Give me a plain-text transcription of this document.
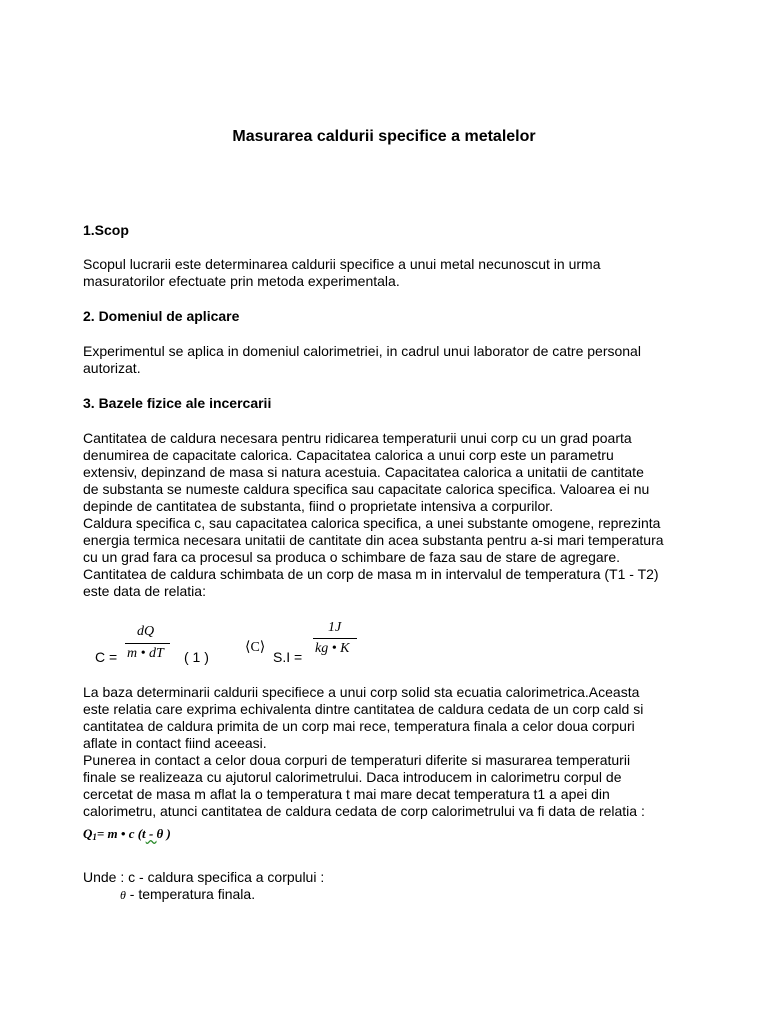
Masurarea caldurii specifice a metalelor
1.Scop
Scopul lucrarii este determinarea caldurii specifice a unui metal necunoscut in urma
masuratorilor efectuate prin metoda experimentala.
2. Domeniul de aplicare
Experimentul se aplica in domeniul calorimetriei, in cadrul unui laborator de catre personal
autorizat.
3. Bazele fizice ale incercarii
Cantitatea de caldura necesara pentru ridicarea temperaturii unui corp cu un grad poarta
denumirea de capacitate calorica. Capacitatea calorica a unui corp este un parametru
extensiv, depinzand de masa si natura acestuia. Capacitatea calorica a unitatii de cantitate
de substanta se numeste caldura specifica sau capacitate calorica specifica. Valoarea ei nu
depinde de cantitatea de substanta, fiind o proprietate intensiva a corpurilor.
Caldura specifica c, sau capacitatea calorica specifica, a unei substante omogene, reprezinta
energia termica necesara unitatii de cantitate din acea substanta pentru a-si mari temperatura
cu un grad fara ca procesul sa produca o schimbare de faza sau de stare de agregare.
Cantitatea de caldura schimbata de un corp de masa m in intervalul de temperatura (T1 - T2)
este data de relatia:
C =
dQ
m • dT ( 1 )
⟨C⟩
S.I =
1J
kg • K
La baza determinarii caldurii specifiece a unui corp solid sta ecuatia calorimetrica.Aceasta
este relatia care exprima echivalenta dintre cantitatea de caldura cedata de un corp cald si
cantitatea de caldura primita de un corp mai rece, temperatura finala a celor doua corpuri
aflate in contact fiind aceeasi.
Punerea in contact a celor doua corpuri de temperaturi diferite si masurarea temperaturii
finale se realizeaza cu ajutorul calorimetrului. Daca introducem in calorimetru corpul de
cercetat de masa m aflat la o temperatura t mai mare decat temperatura t1 a apei din
calorimetru, atunci cantitatea de caldura cedata de corp calorimetrului va fi data de relatia :
$Q_1= m$ • c (t - θ )
Unde : c - caldura specifica a corpului :
θ - temperatura finala.
